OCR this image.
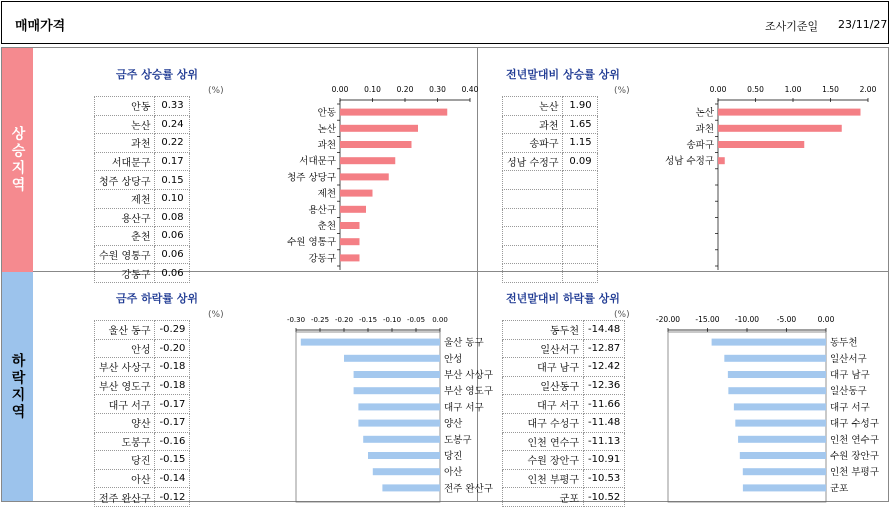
매매가격	조사기준일 23/11/27
상승지역
하락지역
금주 상승률 상위
(%)
안동	0.33
논산	0.24
과천	0.22
서대문구	0.17
청주 상당구	0.15
제천	0.10
용산구	0.08
춘천	0.06
수원 영통구	0.06
강동구	0.06
0.00 0.10 0.20 0.30 0.40
안동
논산
과천
서대문구
청주 상당구
제천
용산구
춘천
수원 영통구
강동구
전년말대비 상승률 상위
(%)
논산	1.90
과천	1.65
송파구	1.15
성남 수정구	0.09

0.00	0.50	1.00	1.50	2.00
논산
과천
송파구
성남 수정구
금주 하락률 상위
(%)
울산 동구	-0.29
안성	-0.20
부산 사상구	-0.18
부산 영도구	-0.18
대구 서구	-0.17
양산	-0.17
도봉구	-0.16
당진	-0.15
아산	-0.14
전주 완산구	-0.12
-0.30 -0.25 -0.20 -0.15 -0.10 -0.05 0.00
울산 동구
안성
부산 사상구
부산 영도구
대구 서구
양산
도봉구
당진
아산
전주 완산구
전년말대비 하락률 상위
(%)
동두천	-14.48
일산서구	-12.87
대구 남구	-12.42
일산동구	-12.36
대구 서구	-11.66
대구 수성구	-11.48
인천 연수구	-11.13
수원 장안구	-10.91
인천 부평구	-10.53
군포	-10.52
-20.00 -15.00 -10.00 -5.00	0.00
동두천
일산서구
대구 남구
일산동구
대구 서구
대구 수성구
인천 연수구
수원 장안구
인천 부평구
군포
